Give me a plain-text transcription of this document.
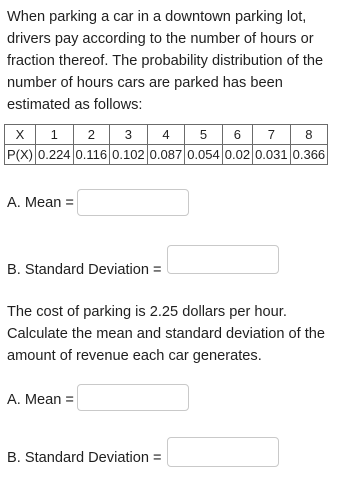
When parking a car in a downtown parking lot, drivers pay according to the number of hours or fraction thereof. The probability distribution of the number of hours cars are parked has been estimated as follows:

X	1	2	3	4	5	6	7	8
P(X)	0.224	0.116	0.102	0.087	0.054	0.02	0.031	0.366
A. Mean =
B. Standard Deviation =

The cost of parking is 2.25 dollars per hour. Calculate the mean and standard deviation of the amount of revenue each car generates.

A. Mean =
B. Standard Deviation =
